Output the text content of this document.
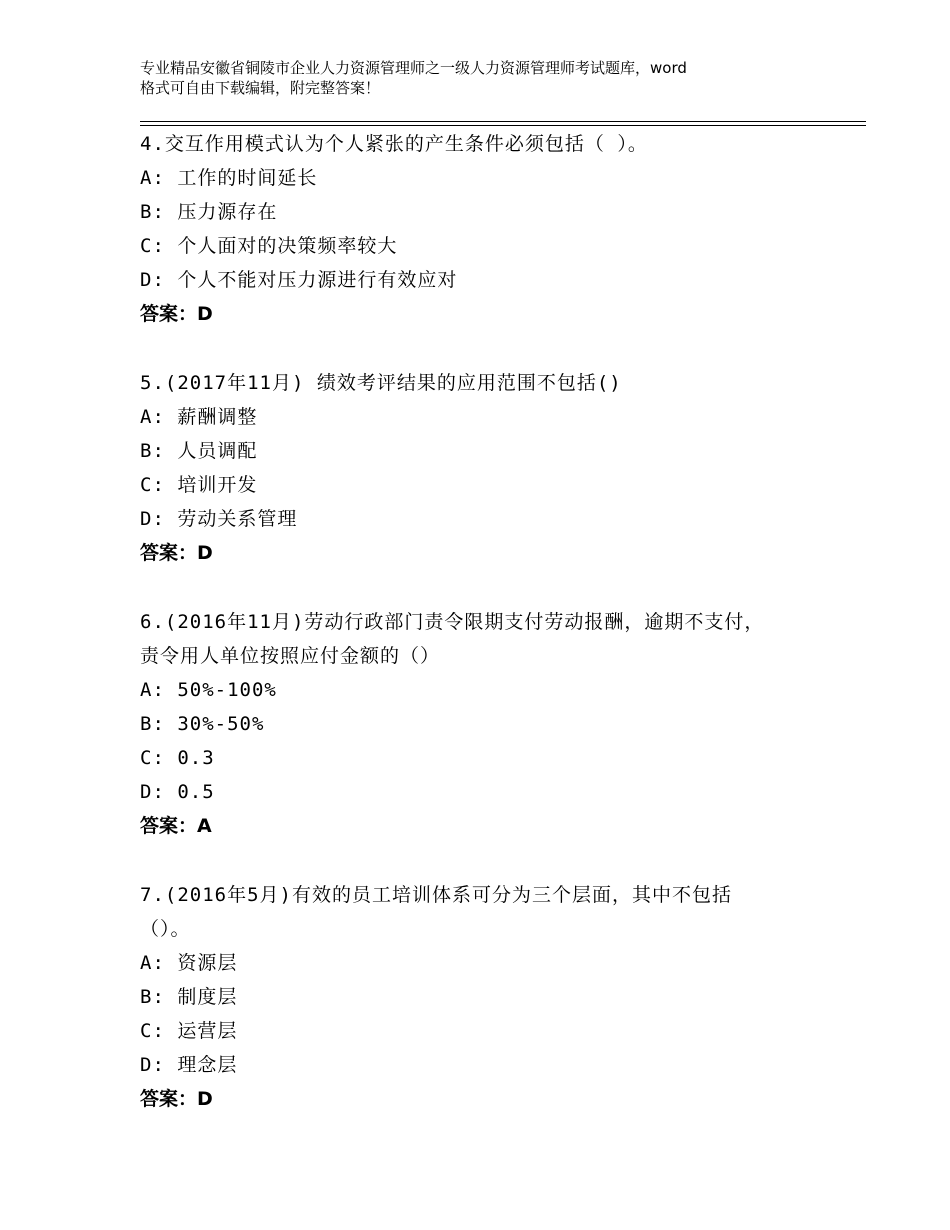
专业精品安徽省铜陵市企业人力资源管理师之一级人力资源管理师考试题库，word
格式可自由下载编辑，附完整答案！
4.交互作用模式认为个人紧张的产生条件必须包括（ ）。
A: 工作的时间延长
B: 压力源存在
C: 个人面对的决策频率较大
D: 个人不能对压力源进行有效应对
答案：D
5.(2017年11月) 绩效考评结果的应用范围不包括()
A: 薪酬调整
B: 人员调配
C: 培训开发
D: 劳动关系管理
答案：D
6.(2016年11月)劳动行政部门责令限期支付劳动报酬，逾期不支付，
责令用人单位按照应付金额的（）
A: 50%-100%
B: 30%-50%
C: 0.3
D: 0.5
答案：A
7.(2016年5月)有效的员工培训体系可分为三个层面，其中不包括
（）。
A: 资源层
B: 制度层
C: 运营层
D: 理念层
答案：D
